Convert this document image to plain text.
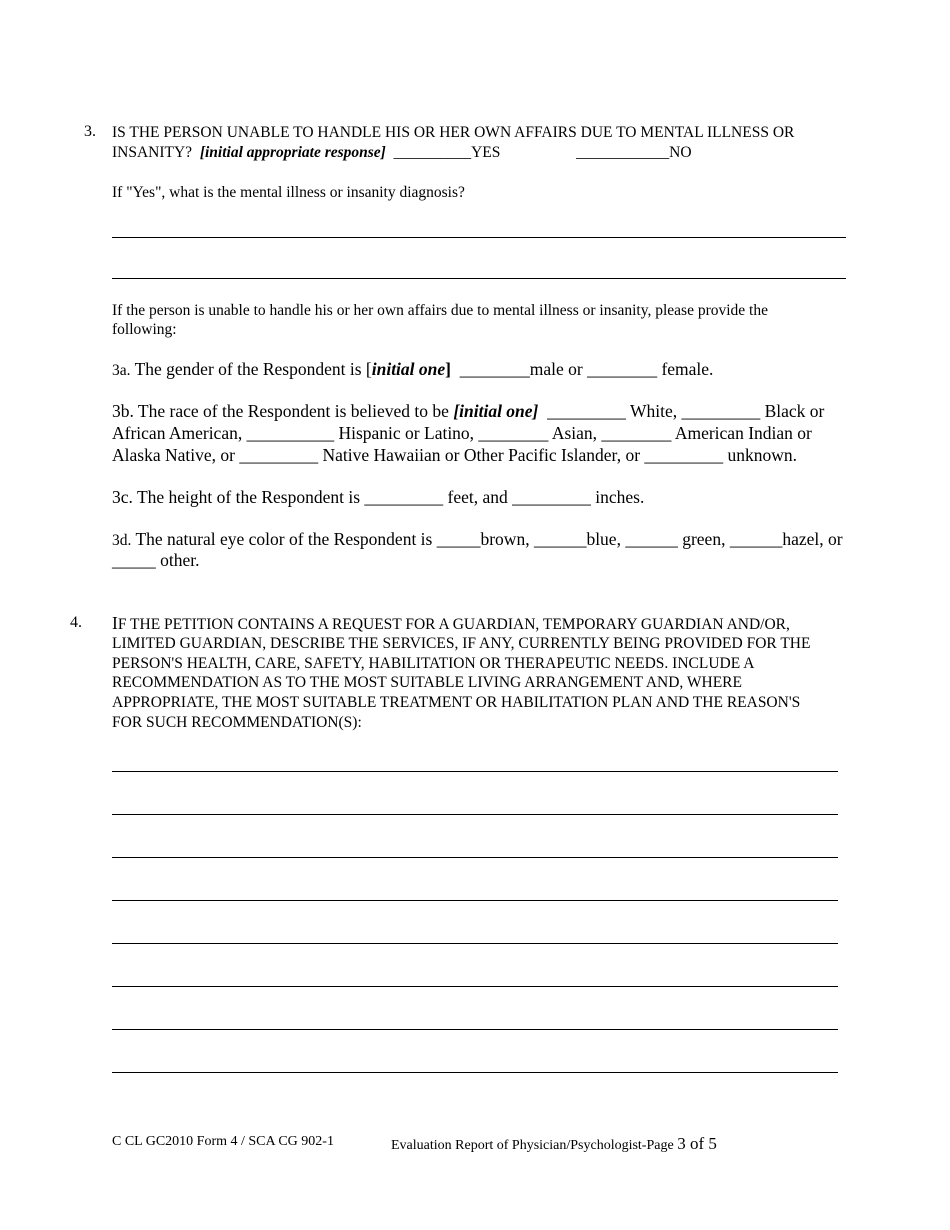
3. IS THE PERSON UNABLE TO HANDLE HIS OR HER OWN AFFAIRS DUE TO MENTAL ILLNESS OR
INSANITY? [initial appropriate response] __________YES	____________NO
If "Yes", what is the mental illness or insanity diagnosis?
If the person is unable to handle his or her own affairs due to mental illness or insanity, please provide the
following:
3a. The gender of the Respondent is [initial one] ________male or ________ female.
3b. The race of the Respondent is believed to be [initial one] _________ White, _________ Black or
African American, __________ Hispanic or Latino, ________ Asian, ________ American Indian or
Alaska Native, or _________ Native Hawaiian or Other Pacific Islander, or _________ unknown.
3c. The height of the Respondent is _________ feet, and _________ inches.
3d. The natural eye color of the Respondent is _____brown, ______blue, ______ green, ______hazel, or
_____ other.
4. IF THE PETITION CONTAINS A REQUEST FOR A GUARDIAN, TEMPORARY GUARDIAN AND/OR,
LIMITED GUARDIAN, DESCRIBE THE SERVICES, IF ANY, CURRENTLY BEING PROVIDED FOR THE
PERSON'S HEALTH, CARE, SAFETY, HABILITATION OR THERAPEUTIC NEEDS. INCLUDE A
RECOMMENDATION AS TO THE MOST SUITABLE LIVING ARRANGEMENT AND, WHERE
APPROPRIATE, THE MOST SUITABLE TREATMENT OR HABILITATION PLAN AND THE REASON'S
FOR SUCH RECOMMENDATION(S):
C CL GC2010 Form 4 / SCA CG 902-1	Evaluation Report of Physician/Psychologist-Page 3 of 5
